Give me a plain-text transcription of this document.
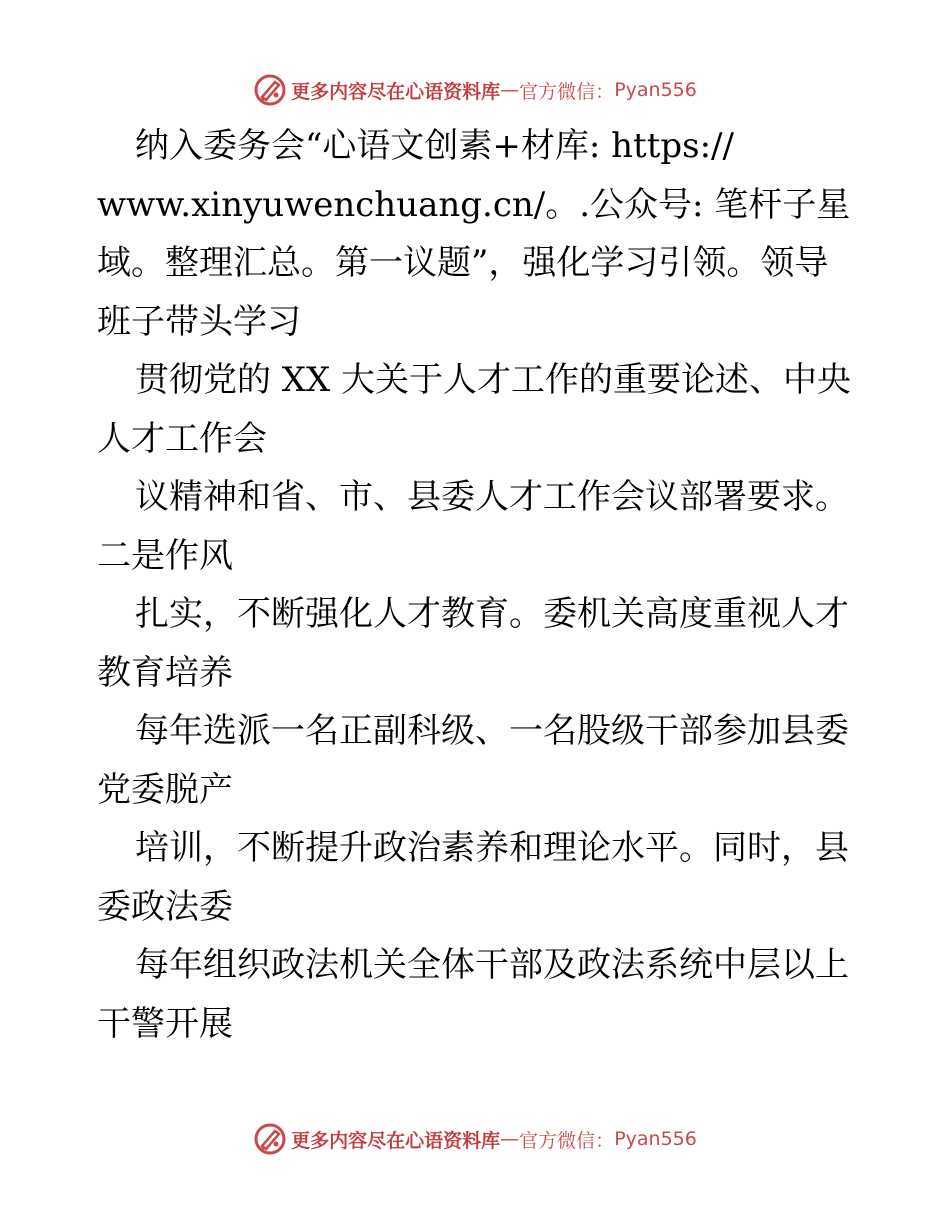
更多内容尽在心语资料库 — 官方微信： Pyan556
纳入委务会“心语文创素+材库: https://
www.xinyuwenchuang.cn/。.公众号: 笔杆子星
域。整理汇总。第一议题”，强化学习引领。领导
班子带头学习
贯彻党的 XX 大关于人才工作的重要论述、中央
人才工作会
议精神和省、市、县委人才工作会议部署要求。
二是作风
扎实，不断强化人才教育。委机关高度重视人才
教育培养
每年选派一名正副科级、一名股级干部参加县委
党委脱产
培训，不断提升政治素养和理论水平。同时，县
委政法委
每年组织政法机关全体干部及政法系统中层以上
干警开展
更多内容尽在心语资料库 — 官方微信： Pyan556
